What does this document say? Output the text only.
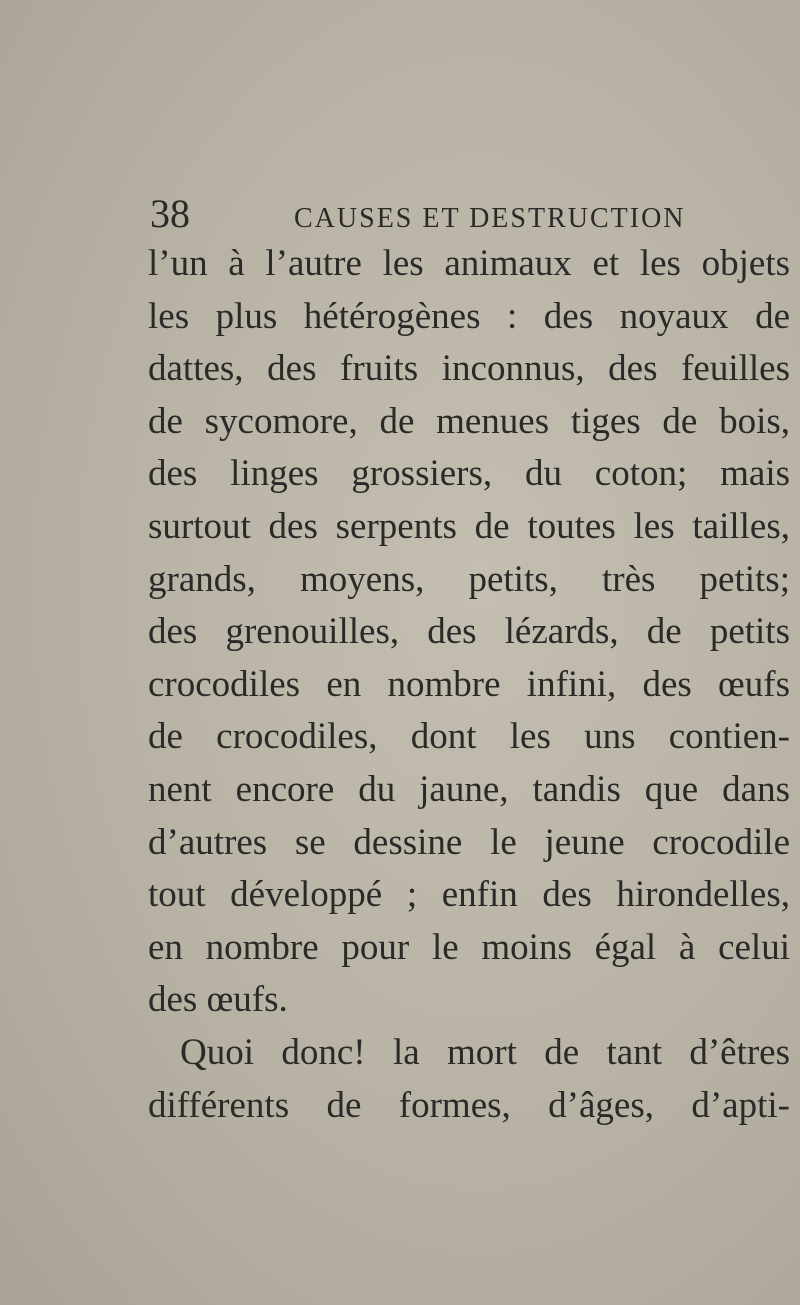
38	CAUSES ET DESTRUCTION
l’un à l’autre les animaux et les objets
les plus hétérogènes : des noyaux de
dattes, des fruits inconnus, des feuilles
de sycomore, de menues tiges de bois,
des linges grossiers, du coton; mais
surtout des serpents de toutes les tailles,
grands, moyens, petits, très petits;
des grenouilles, des lézards, de petits
crocodiles en nombre infini, des œufs
de crocodiles, dont les uns contien-
nent encore du jaune, tandis que dans
d’autres se dessine le jeune crocodile
tout développé ; enfin des hirondelles,
en nombre pour le moins égal à celui
des œufs.
Quoi donc! la mort de tant d’êtres
différents de formes, d’âges, d’apti-
